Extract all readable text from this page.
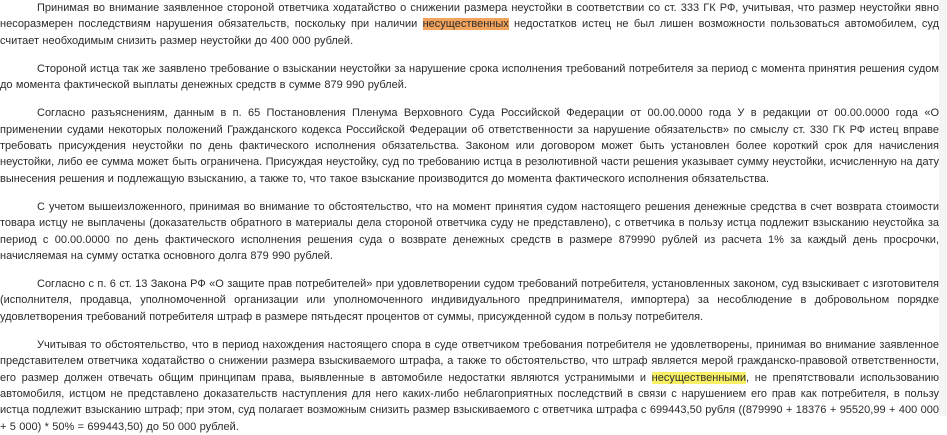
Принимая во внимание заявленное стороной ответчика ходатайство о снижении размера неустойки в соответствии со ст. 333 ГК РФ, учитывая, что размер неустойки явно несоразмерен последствиям нарушения обязательств, поскольку при наличии несущественных недостатков истец не был лишен возможности пользоваться автомобилем, суд считает необходимым снизить размер неустойки до 400 000 рублей.

Стороной истца так же заявлено требование о взыскании неустойки за нарушение срока исполнения требований потребителя за период с момента принятия решения судом до момента фактической выплаты денежных средств в сумме 879 990 рублей.

Согласно разъяснениям, данным в п. 65 Постановления Пленума Верховного Суда Российской Федерации от 00.00.0000 года У в редакции от 00.00.0000 года «О применении судами некоторых положений Гражданского кодекса Российской Федерации об ответственности за нарушение обязательств» по смыслу ст. 330 ГК РФ истец вправе требовать присуждения неустойки по день фактического исполнения обязательства. Законом или договором может быть установлен более короткий срок для начисления неустойки, либо ее сумма может быть ограничена. Присуждая неустойку, суд по требованию истца в резолютивной части решения указывает сумму неустойки, исчисленную на дату вынесения решения и подлежащую взысканию, а также то, что такое взыскание производится до момента фактического исполнения обязательства.

С учетом вышеизложенного, принимая во внимание то обстоятельство, что на момент принятия судом настоящего решения денежные средства в счет возврата стоимости товара истцу не выплачены (доказательств обратного в материалы дела стороной ответчика суду не представлено), с ответчика в пользу истца подлежит взысканию неустойка за период с 00.00.0000 по день фактического исполнения решения суда о возврате денежных средств в размере 879990 рублей из расчета 1% за каждый день просрочки, начисляемая на сумму остатка основного долга 879 990 рублей.

Согласно с п. 6 ст. 13 Закона РФ «О защите прав потребителей» при удовлетворении судом требований потребителя, установленных законом, суд взыскивает с изготовителя (исполнителя, продавца, уполномоченной организации или уполномоченного индивидуального предпринимателя, импортера) за несоблюдение в добровольном порядке удовлетворения требований потребителя штраф в размере пятьдесят процентов от суммы, присужденной судом в пользу потребителя.

Учитывая то обстоятельство, что в период нахождения настоящего спора в суде ответчиком требования потребителя не удовлетворены, принимая во внимание заявленное представителем ответчика ходатайство о снижении размера взыскиваемого штрафа, а также то обстоятельство, что штраф является мерой гражданско-правовой ответственности, его размер должен отвечать общим принципам права, выявленные в автомобиле недостатки являются устранимыми и несущественными, не препятствовали использованию автомобиля, истцом не представлено доказательств наступления для него каких-либо неблагоприятных последствий в связи с нарушением его прав как потребителя, в пользу истца подлежит взысканию штраф; при этом, суд полагает возможным снизить размер взыскиваемого с ответчика штрафа с 699443,50 рубля ((879990 + 18376 + 95520,99 + 400 000 + 5 000) * 50% = 699443,50) до 50 000 рублей.
